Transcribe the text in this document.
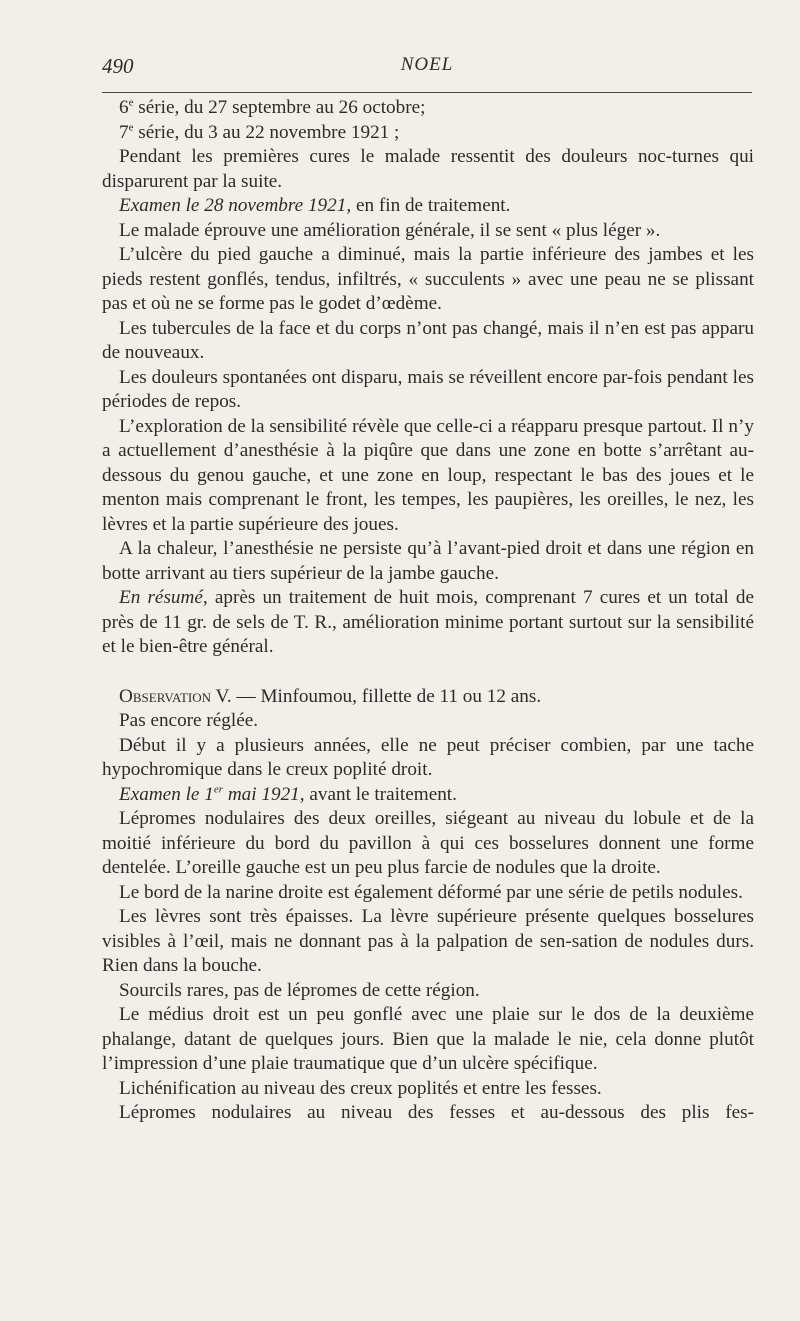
490	NOEL

6e série, du 27 septembre au 26 octobre;

7e série, du 3 au 22 novembre 1921 ;

Pendant les premières cures le malade ressentit des douleurs noc-turnes qui disparurent par la suite.

Examen le 28 novembre 1921, en fin de traitement.

Le malade éprouve une amélioration générale, il se sent « plus léger ».

L’ulcère du pied gauche a diminué, mais la partie inférieure des jambes et les pieds restent gonflés, tendus, infiltrés, « succulents » avec une peau ne se plissant pas et où ne se forme pas le godet d’œdème.

Les tubercules de la face et du corps n’ont pas changé, mais il n’en est pas apparu de nouveaux.

Les douleurs spontanées ont disparu, mais se réveillent encore par-fois pendant les périodes de repos.

L’exploration de la sensibilité révèle que celle-ci a réapparu presque partout. Il n’y a actuellement d’anesthésie à la piqûre que dans une zone en botte s’arrêtant au-dessous du genou gauche, et une zone en loup, respectant le bas des joues et le menton mais comprenant le front, les tempes, les paupières, les oreilles, le nez, les lèvres et la partie supérieure des joues.

A la chaleur, l’anesthésie ne persiste qu’à l’avant-pied droit et dans une région en botte arrivant au tiers supérieur de la jambe gauche.

En résumé, après un traitement de huit mois, comprenant 7 cures et un total de près de 11 gr. de sels de T. R., amélioration minime portant surtout sur la sensibilité et le bien-être général.

Observation V. — Minfoumou, fillette de 11 ou 12 ans.

Pas encore réglée.

Début il y a plusieurs années, elle ne peut préciser combien, par une tache hypochromique dans le creux poplité droit.

Examen le 1er mai 1921, avant le traitement.

Lépromes nodulaires des deux oreilles, siégeant au niveau du lobule et de la moitié inférieure du bord du pavillon à qui ces bosselures donnent une forme dentelée. L’oreille gauche est un peu plus farcie de nodules que la droite.

Le bord de la narine droite est également déformé par une série de petils nodules.

Les lèvres sont très épaisses. La lèvre supérieure présente quelques bosselures visibles à l’œil, mais ne donnant pas à la palpation de sen-sation de nodules durs. Rien dans la bouche.

Sourcils rares, pas de lépromes de cette région.

Le médius droit est un peu gonflé avec une plaie sur le dos de la deuxième phalange, datant de quelques jours. Bien que la malade le nie, cela donne plutôt l’impression d’une plaie traumatique que d’un ulcère spécifique.

Lichénification au niveau des creux poplités et entre les fesses.

Lépromes nodulaires au niveau des fesses et au-dessous des plis fes-
